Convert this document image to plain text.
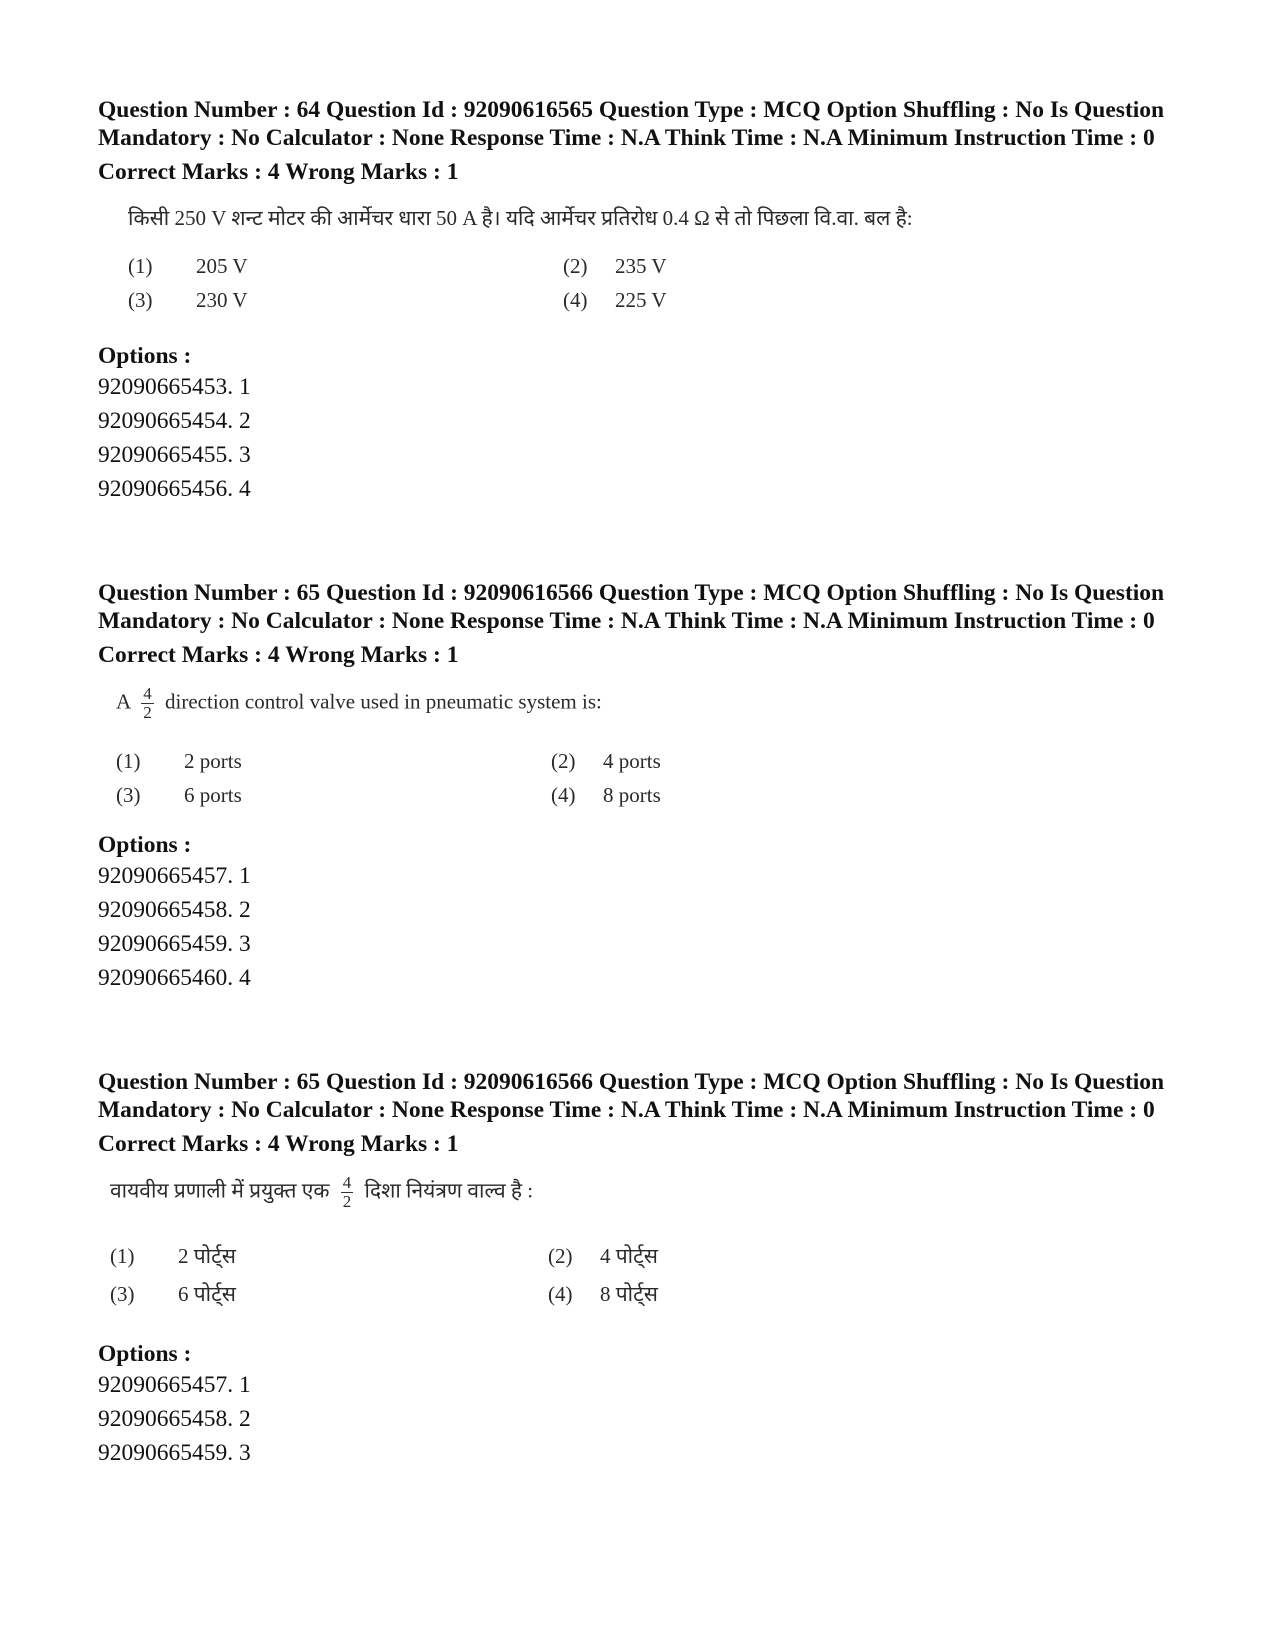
Question Number : 64 Question Id : 92090616565 Question Type : MCQ Option Shuffling : No Is Question Mandatory : No Calculator : None Response Time : N.A Think Time : N.A Minimum Instruction Time : 0

Correct Marks : 4 Wrong Marks : 1
किसी 250 V शन्ट मोटर की आर्मेचर धारा 50 A है। यदि आर्मेचर प्रतिरोध 0.4 Ω से तो पिछला वि.वा. बल है:
(1) 205 V	(2) 235 V
(3) 230 V	(4) 225 V
Options :
92090665453. 1
92090665454. 2
92090665455. 3
92090665456. 4

Question Number : 65 Question Id : 92090616566 Question Type : MCQ Option Shuffling : No Is Question Mandatory : No Calculator : None Response Time : N.A Think Time : N.A Minimum Instruction Time : 0

Correct Marks : 4 Wrong Marks : 1
A $\frac{4}{2}$ direction control valve used in pneumatic system is:
(1) 2 ports	(2) 4 ports
(3) 6 ports	(4) 8 ports
Options :
92090665457. 1
92090665458. 2
92090665459. 3
92090665460. 4

Question Number : 65 Question Id : 92090616566 Question Type : MCQ Option Shuffling : No Is Question Mandatory : No Calculator : None Response Time : N.A Think Time : N.A Minimum Instruction Time : 0

Correct Marks : 4 Wrong Marks : 1
वायवीय प्रणाली में प्रयुक्त एक $\frac{4}{2}$ दिशा नियंत्रण वाल्व है :
(1) 2 पोर्ट्स	(2) 4 पोर्ट्स
(3) 6 पोर्ट्स	(4) 8 पोर्ट्स
Options :
92090665457. 1
92090665458. 2
92090665459. 3
